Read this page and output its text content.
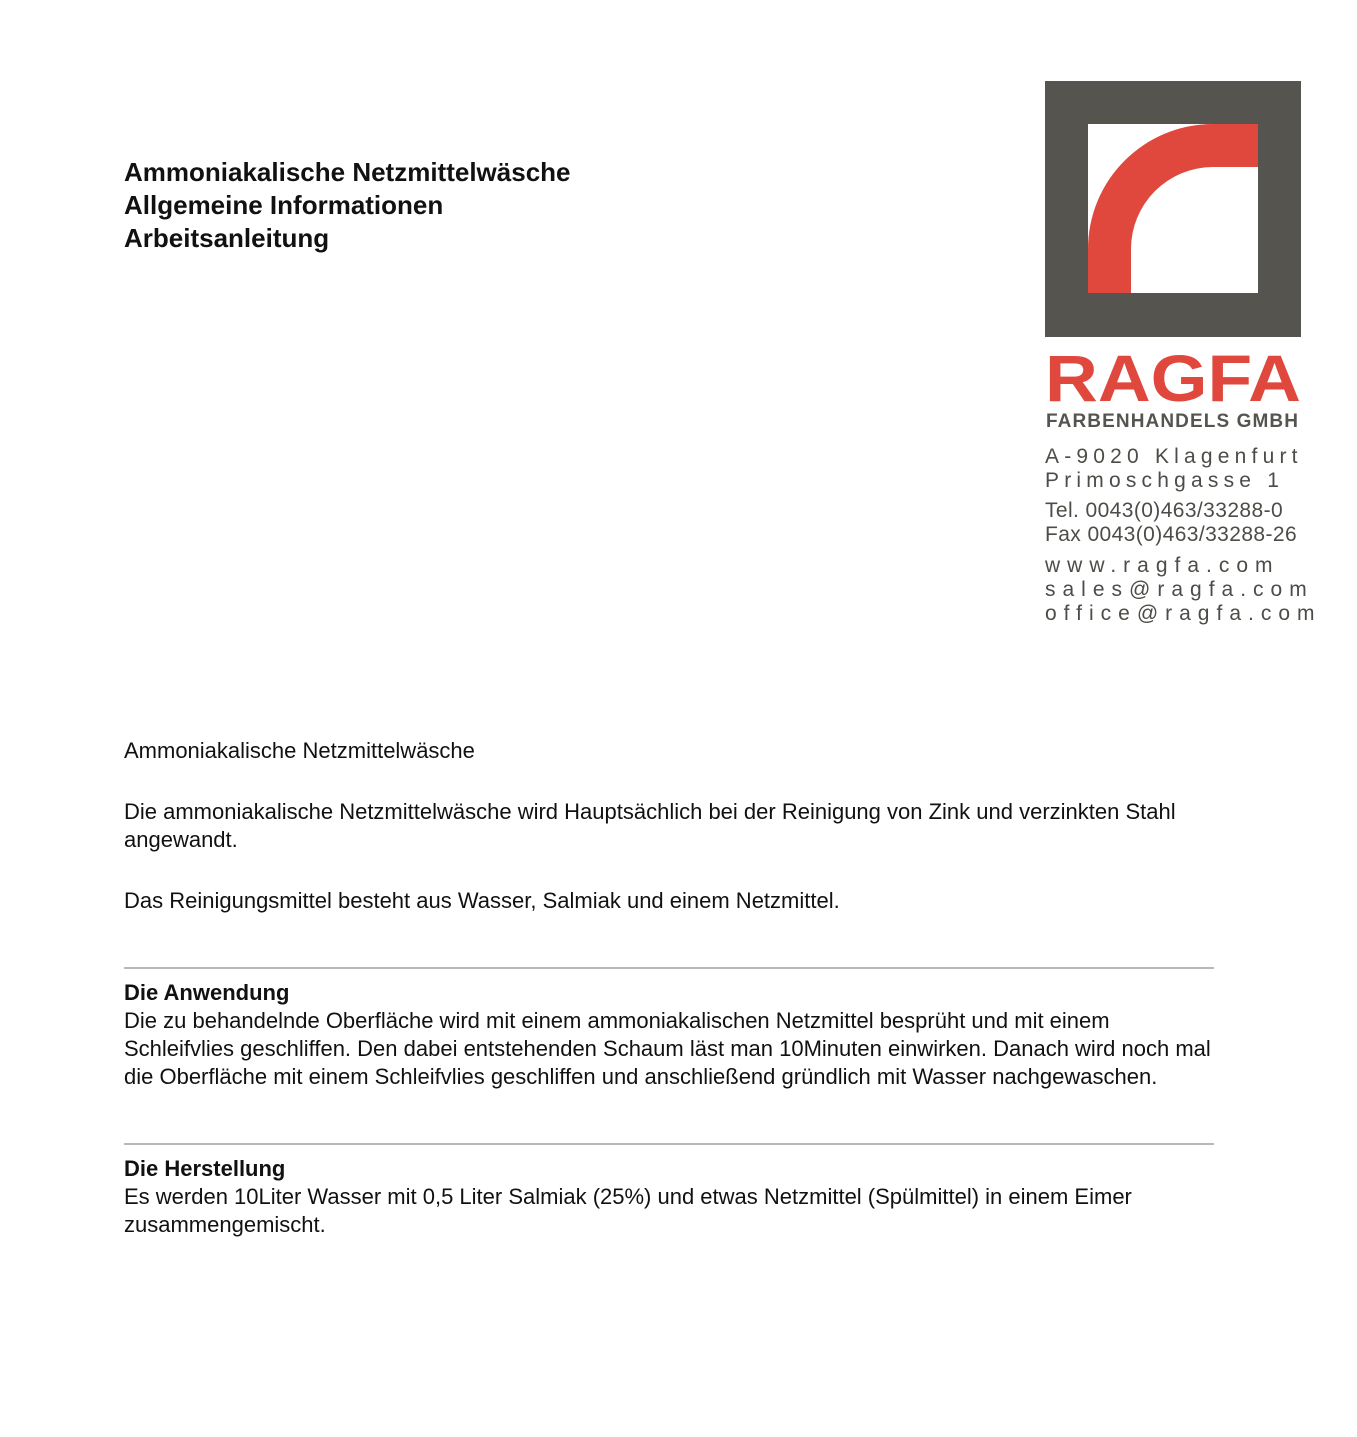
Ammoniakalische Netzmittelwäsche
Allgemeine Informationen
Arbeitsanleitung
RAGFA
FARBENHANDELS GMBH
A-9020 Klagenfurt
Primoschgasse 1
Tel. 0043(0)463/33288-0
Fax 0043(0)463/33288-26
www.ragfa.com
sales@ragfa.com
office@ragfa.com

Ammoniakalische Netzmittelwäsche

Die ammoniakalische Netzmittelwäsche wird Hauptsächlich bei der Reinigung von Zink und verzinkten Stahl angewandt.

Das Reinigungsmittel besteht aus Wasser, Salmiak und einem Netzmittel.

Die Anwendung

Die zu behandelnde Oberfläche wird mit einem ammoniakalischen Netzmittel besprüht und mit einem Schleifvlies geschliffen. Den dabei entstehenden Schaum läst man 10Minuten einwirken. Danach wird noch mal die Oberfläche mit einem Schleifvlies geschliffen und anschließend gründlich mit Wasser nachgewaschen.

Die Herstellung

Es werden 10Liter Wasser mit 0,5 Liter Salmiak (25%) und etwas Netzmittel (Spülmittel) in einem Eimer zusammengemischt.
